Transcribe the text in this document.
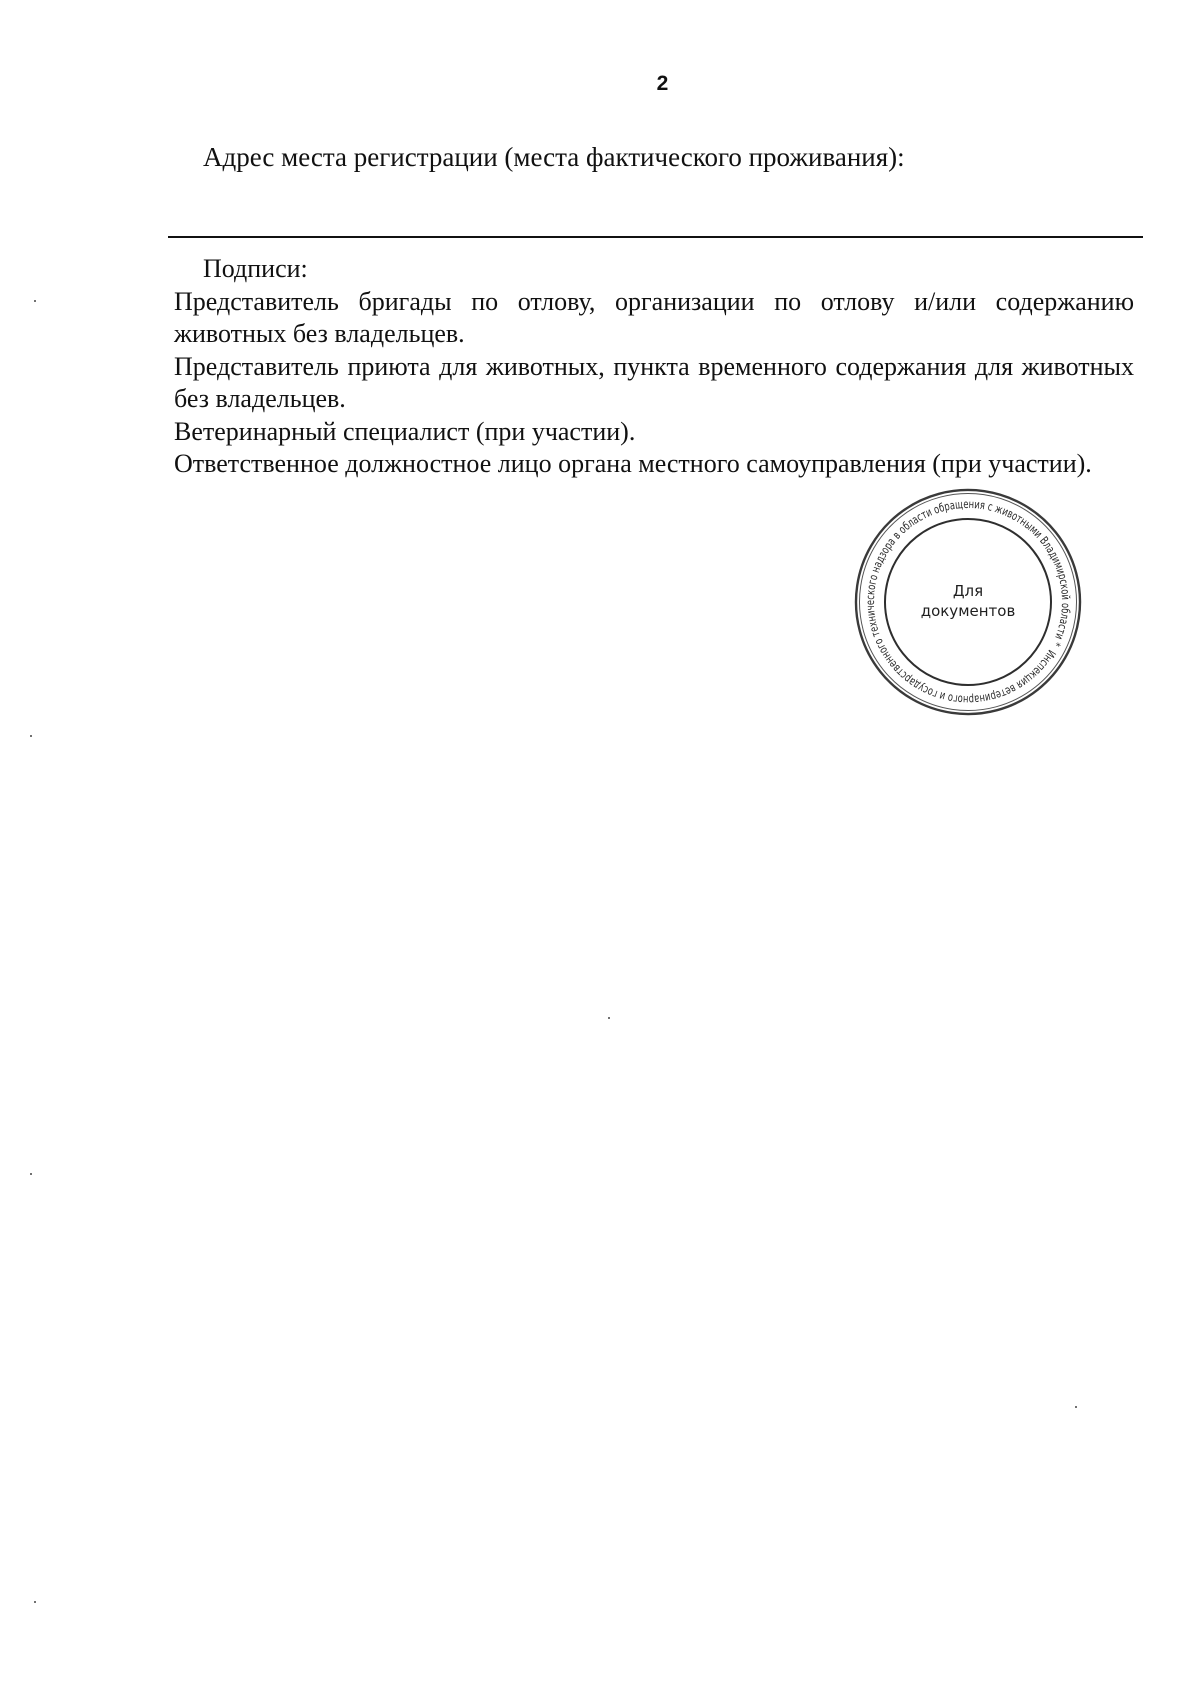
2
Адрес места регистрации (места фактического проживания):
Подписи:
Представитель бригады по отлову, организации по отлову и/или содержанию животных без владельцев.
Представитель приюта для животных, пункта временного содержания для животных без владельцев.
Ветеринарный специалист (при участии).
Ответственное должностное лицо органа местного самоуправления (при участии).
Инспекция ветеринарного и государственного технического надзора в области обращения с животными Владимирской области *
Для
документов
